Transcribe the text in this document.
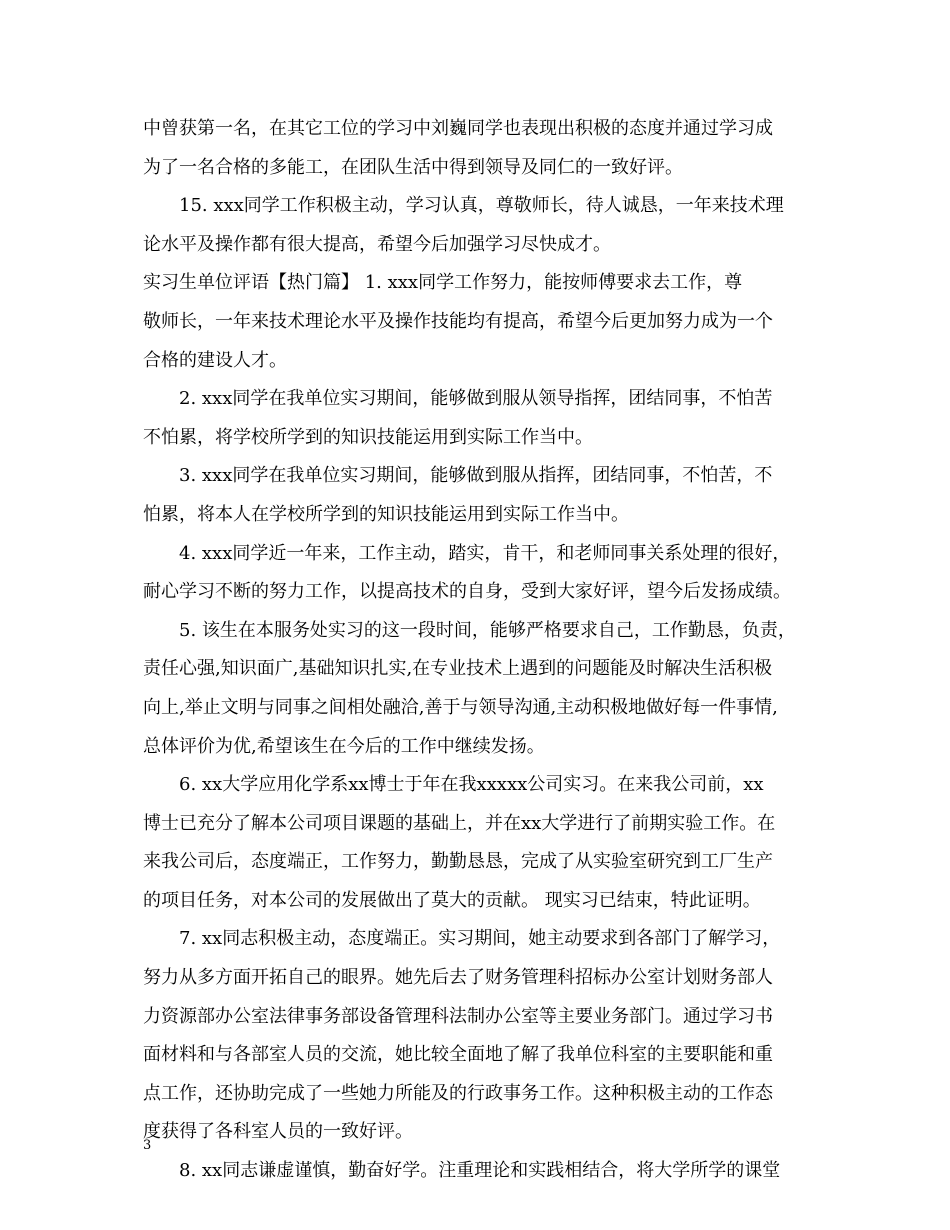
中曾获第一名，在其它工位的学习中刘巍同学也表现出积极的态度并通过学习成
为了一名合格的多能工，在团队生活中得到领导及同仁的一致好评。
15. xxx同学工作积极主动，学习认真，尊敬师长，待人诚恳，一年来技术理
论水平及操作都有很大提高，希望今后加强学习尽快成才。
实习生单位评语【热门篇】 1. xxx同学工作努力，能按师傅要求去工作，尊
敬师长，一年来技术理论水平及操作技能均有提高，希望今后更加努力成为一个
合格的建设人才。
2. xxx同学在我单位实习期间，能够做到服从领导指挥，团结同事，不怕苦
不怕累，将学校所学到的知识技能运用到实际工作当中。
3. xxx同学在我单位实习期间，能够做到服从指挥，团结同事，不怕苦，不
怕累，将本人在学校所学到的知识技能运用到实际工作当中。
4. xxx同学近一年来，工作主动，踏实，肯干，和老师同事关系处理的很好，
耐心学习不断的努力工作，以提高技术的自身，受到大家好评，望今后发扬成绩。
5. 该生在本服务处实习的这一段时间，能够严格要求自己，工作勤恳，负责，
责任心强,知识面广,基础知识扎实,在专业技术上遇到的问题能及时解决生活积极
向上,举止文明与同事之间相处融洽,善于与领导沟通,主动积极地做好每一件事情,
总体评价为优,希望该生在今后的工作中继续发扬。
6. xx大学应用化学系xx博士于年在我xxxxx公司实习。在来我公司前，xx
博士已充分了解本公司项目课题的基础上，并在xx大学进行了前期实验工作。在
来我公司后，态度端正，工作努力，勤勤恳恳，完成了从实验室研究到工厂生产
的项目任务，对本公司的发展做出了莫大的贡献。 现实习已结束，特此证明。
7. xx同志积极主动，态度端正。实习期间，她主动要求到各部门了解学习，
努力从多方面开拓自己的眼界。她先后去了财务管理科招标办公室计划财务部人
力资源部办公室法律事务部设备管理科法制办公室等主要业务部门。通过学习书
面材料和与各部室人员的交流，她比较全面地了解了我单位科室的主要职能和重
点工作，还协助完成了一些她力所能及的行政事务工作。这种积极主动的工作态
度获得了各科室人员的一致好评。
8. xx同志谦虚谨慎，勤奋好学。注重理论和实践相结合，将大学所学的课堂
3
